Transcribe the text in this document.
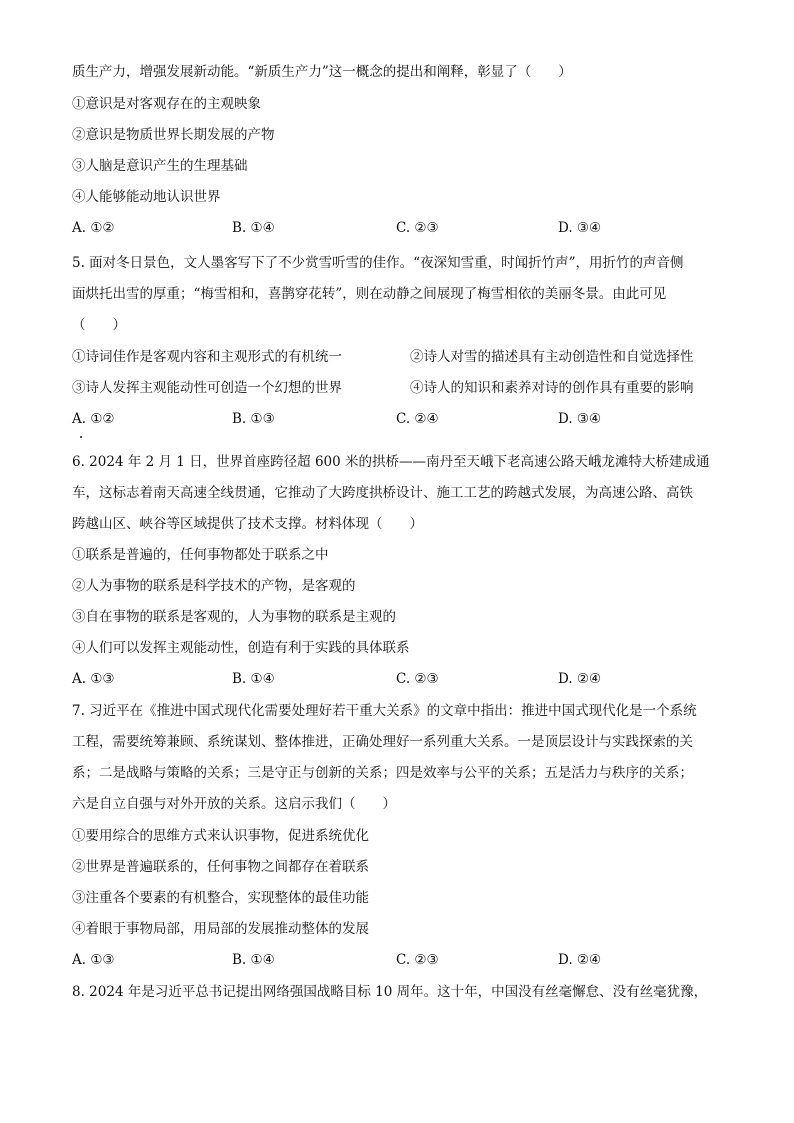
质生产力，增强发展新动能。“新质生产力”这一概念的提出和阐释，彰显了（　　）
①意识是对客观存在的主观映象
②意识是物质世界长期发展的产物
③人脑是意识产生的生理基础
④人能够能动地认识世界
A. ①②	B. ①④	C. ②③	D. ③④
5. 面对冬日景色，文人墨客写下了不少赏雪听雪的佳作。“夜深知雪重，时闻折竹声”，用折竹的声音侧
面烘托出雪的厚重；“梅雪相和，喜鹊穿花转”，则在动静之间展现了梅雪相依的美丽冬景。由此可见
（　　）
①诗词佳作是客观内容和主观形式的有机统一	②诗人对雪的描述具有主动创造性和自觉选择性
③诗人发挥主观能动性可创造一个幻想的世界	④诗人的知识和素养对诗的创作具有重要的影响
A. ①②	B. ①③	C. ②④	D. ③④
6. 2024 年 2 月 1 日，世界首座跨径超 600 米的拱桥——南丹至天峨下老高速公路天峨龙滩特大桥建成通
车，这标志着南天高速全线贯通，它推动了大跨度拱桥设计、施工工艺的跨越式发展，为高速公路、高铁
跨越山区、峡谷等区域提供了技术支撑。材料体现（　　）
①联系是普遍的，任何事物都处于联系之中
②人为事物的联系是科学技术的产物，是客观的
③自在事物的联系是客观的，人为事物的联系是主观的
④人们可以发挥主观能动性，创造有利于实践的具体联系
A. ①③	B. ①④	C. ②③	D. ②④
7. 习近平在《推进中国式现代化需要处理好若干重大关系》的文章中指出：推进中国式现代化是一个系统
工程，需要统筹兼顾、系统谋划、整体推进，正确处理好一系列重大关系。一是顶层设计与实践探索的关
系；二是战略与策略的关系；三是守正与创新的关系；四是效率与公平的关系；五是活力与秩序的关系；
六是自立自强与对外开放的关系。这启示我们（　　）
①要用综合的思维方式来认识事物，促进系统优化
②世界是普遍联系的，任何事物之间都存在着联系
③注重各个要素的有机整合，实现整体的最佳功能
④着眼于事物局部，用局部的发展推动整体的发展
A. ①③	B. ①④	C. ②③	D. ②④
8. 2024 年是习近平总书记提出网络强国战略目标 10 周年。这十年，中国没有丝毫懈怠、没有丝毫犹豫，
